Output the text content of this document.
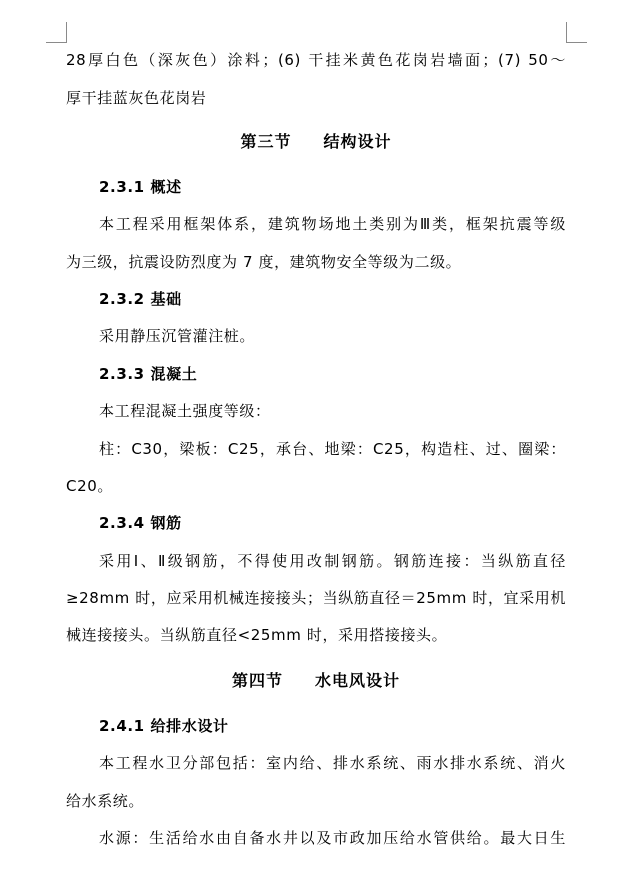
28厚白色（深灰色）涂料；(6) 干挂米黄色花岗岩墙面；(7) 50～
厚干挂蓝灰色花岗岩
第三节 结构设计
2.3.1 概述
本工程采用框架体系，建筑物场地土类别为Ⅲ类，框架抗震等级
为三级，抗震设防烈度为 7 度，建筑物安全等级为二级。
2.3.2 基础
采用静压沉管灌注桩。
2.3.3 混凝土
本工程混凝土强度等级：
柱：C30，梁板：C25，承台、地梁：C25，构造柱、过、圈梁：
C20。
2.3.4 钢筋
采用Ⅰ、Ⅱ级钢筋，不得使用改制钢筋。钢筋连接：当纵筋直径
≥28mm 时，应采用机械连接接头；当纵筋直径＝25mm 时，宜采用机
械连接接头。当纵筋直径<25mm 时，采用搭接接头。
第四节 水电风设计
2.4.1 给排水设计
本工程水卫分部包括：室内给、排水系统、雨水排水系统、消火
给水系统。
水源：生活给水由自备水井以及市政加压给水管供给。最大日生
